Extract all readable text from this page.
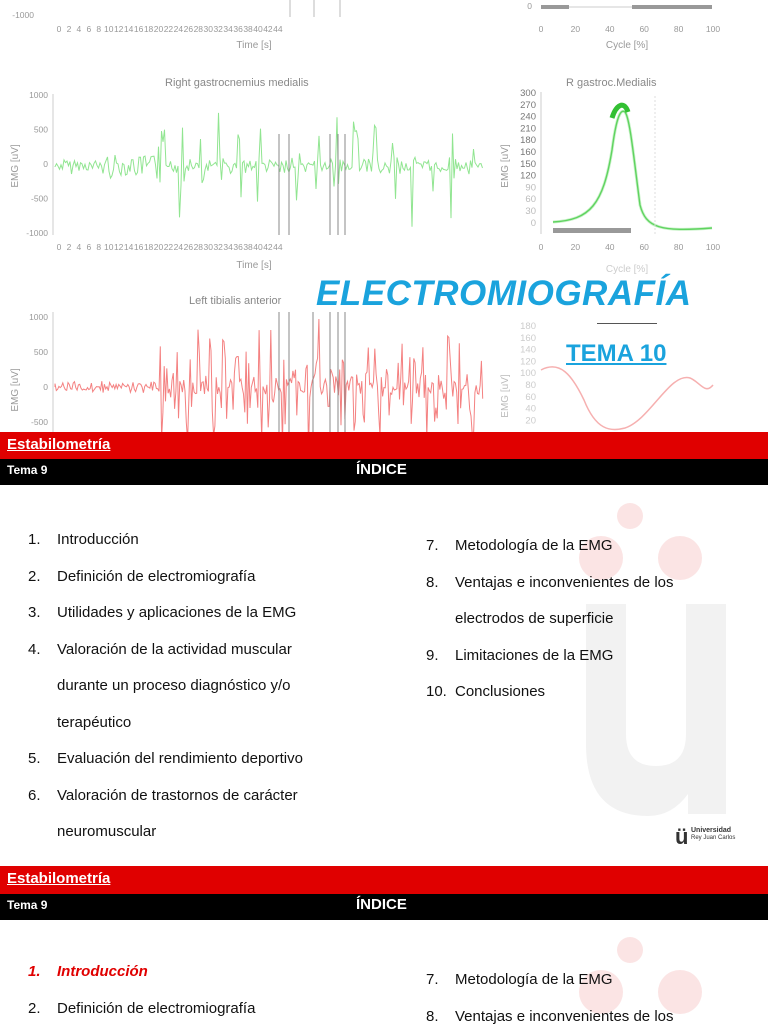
-1000
0 2 4 6 8 10 12 14 16 18 20 22 24 26 28 30 32 34 36 38 40 42 44
Time [s]
0
0	20	40	60	80	100
Cycle [%]
1000
500
0
-500
-1000
EMG [uV]
0 2 4 6 8 10 12 14 16 18 20 22 24 26 28 30 32 34 36 38 40 42 44
Time [s]
300
270
240
210
180
160
150
120
90
60
30
0
EMG [uV]
0	20	40	60	80	100
Cycle [%]
1000
500
0
-500
EMG [uV]
180
160
140
120
100
80
60
40
20
EMG [uV]
Right gastrocnemius medialis	R gastroc.Medialis
Left tibialis anterior ELECTROMIOGRAFÍA
TEMA 10
Estabilometría
Tema 9	ÍNDICE
1.	Introducción
2.	Definición de electromiografía
3.	Utilidades y aplicaciones de la EMG
4.	Valoración de la actividad muscular
durante un proceso diagnóstico y/o
terapéutico
5.	Evaluación del rendimiento deportivo
6.	Valoración de trastornos de carácter
neuromuscular
7.	Metodología de la EMG
8.	Ventajas e inconvenientes de los
electrodos de superficie
9.	Limitaciones de la EMG
10. Conclusiones
ü Universidad
Rey Juan Carlos
Estabilometría
Tema 9	ÍNDICE
1.	Introducción
2.	Definición de electromiografía
7.	Metodología de la EMG
8.	Ventajas e inconvenientes de los
